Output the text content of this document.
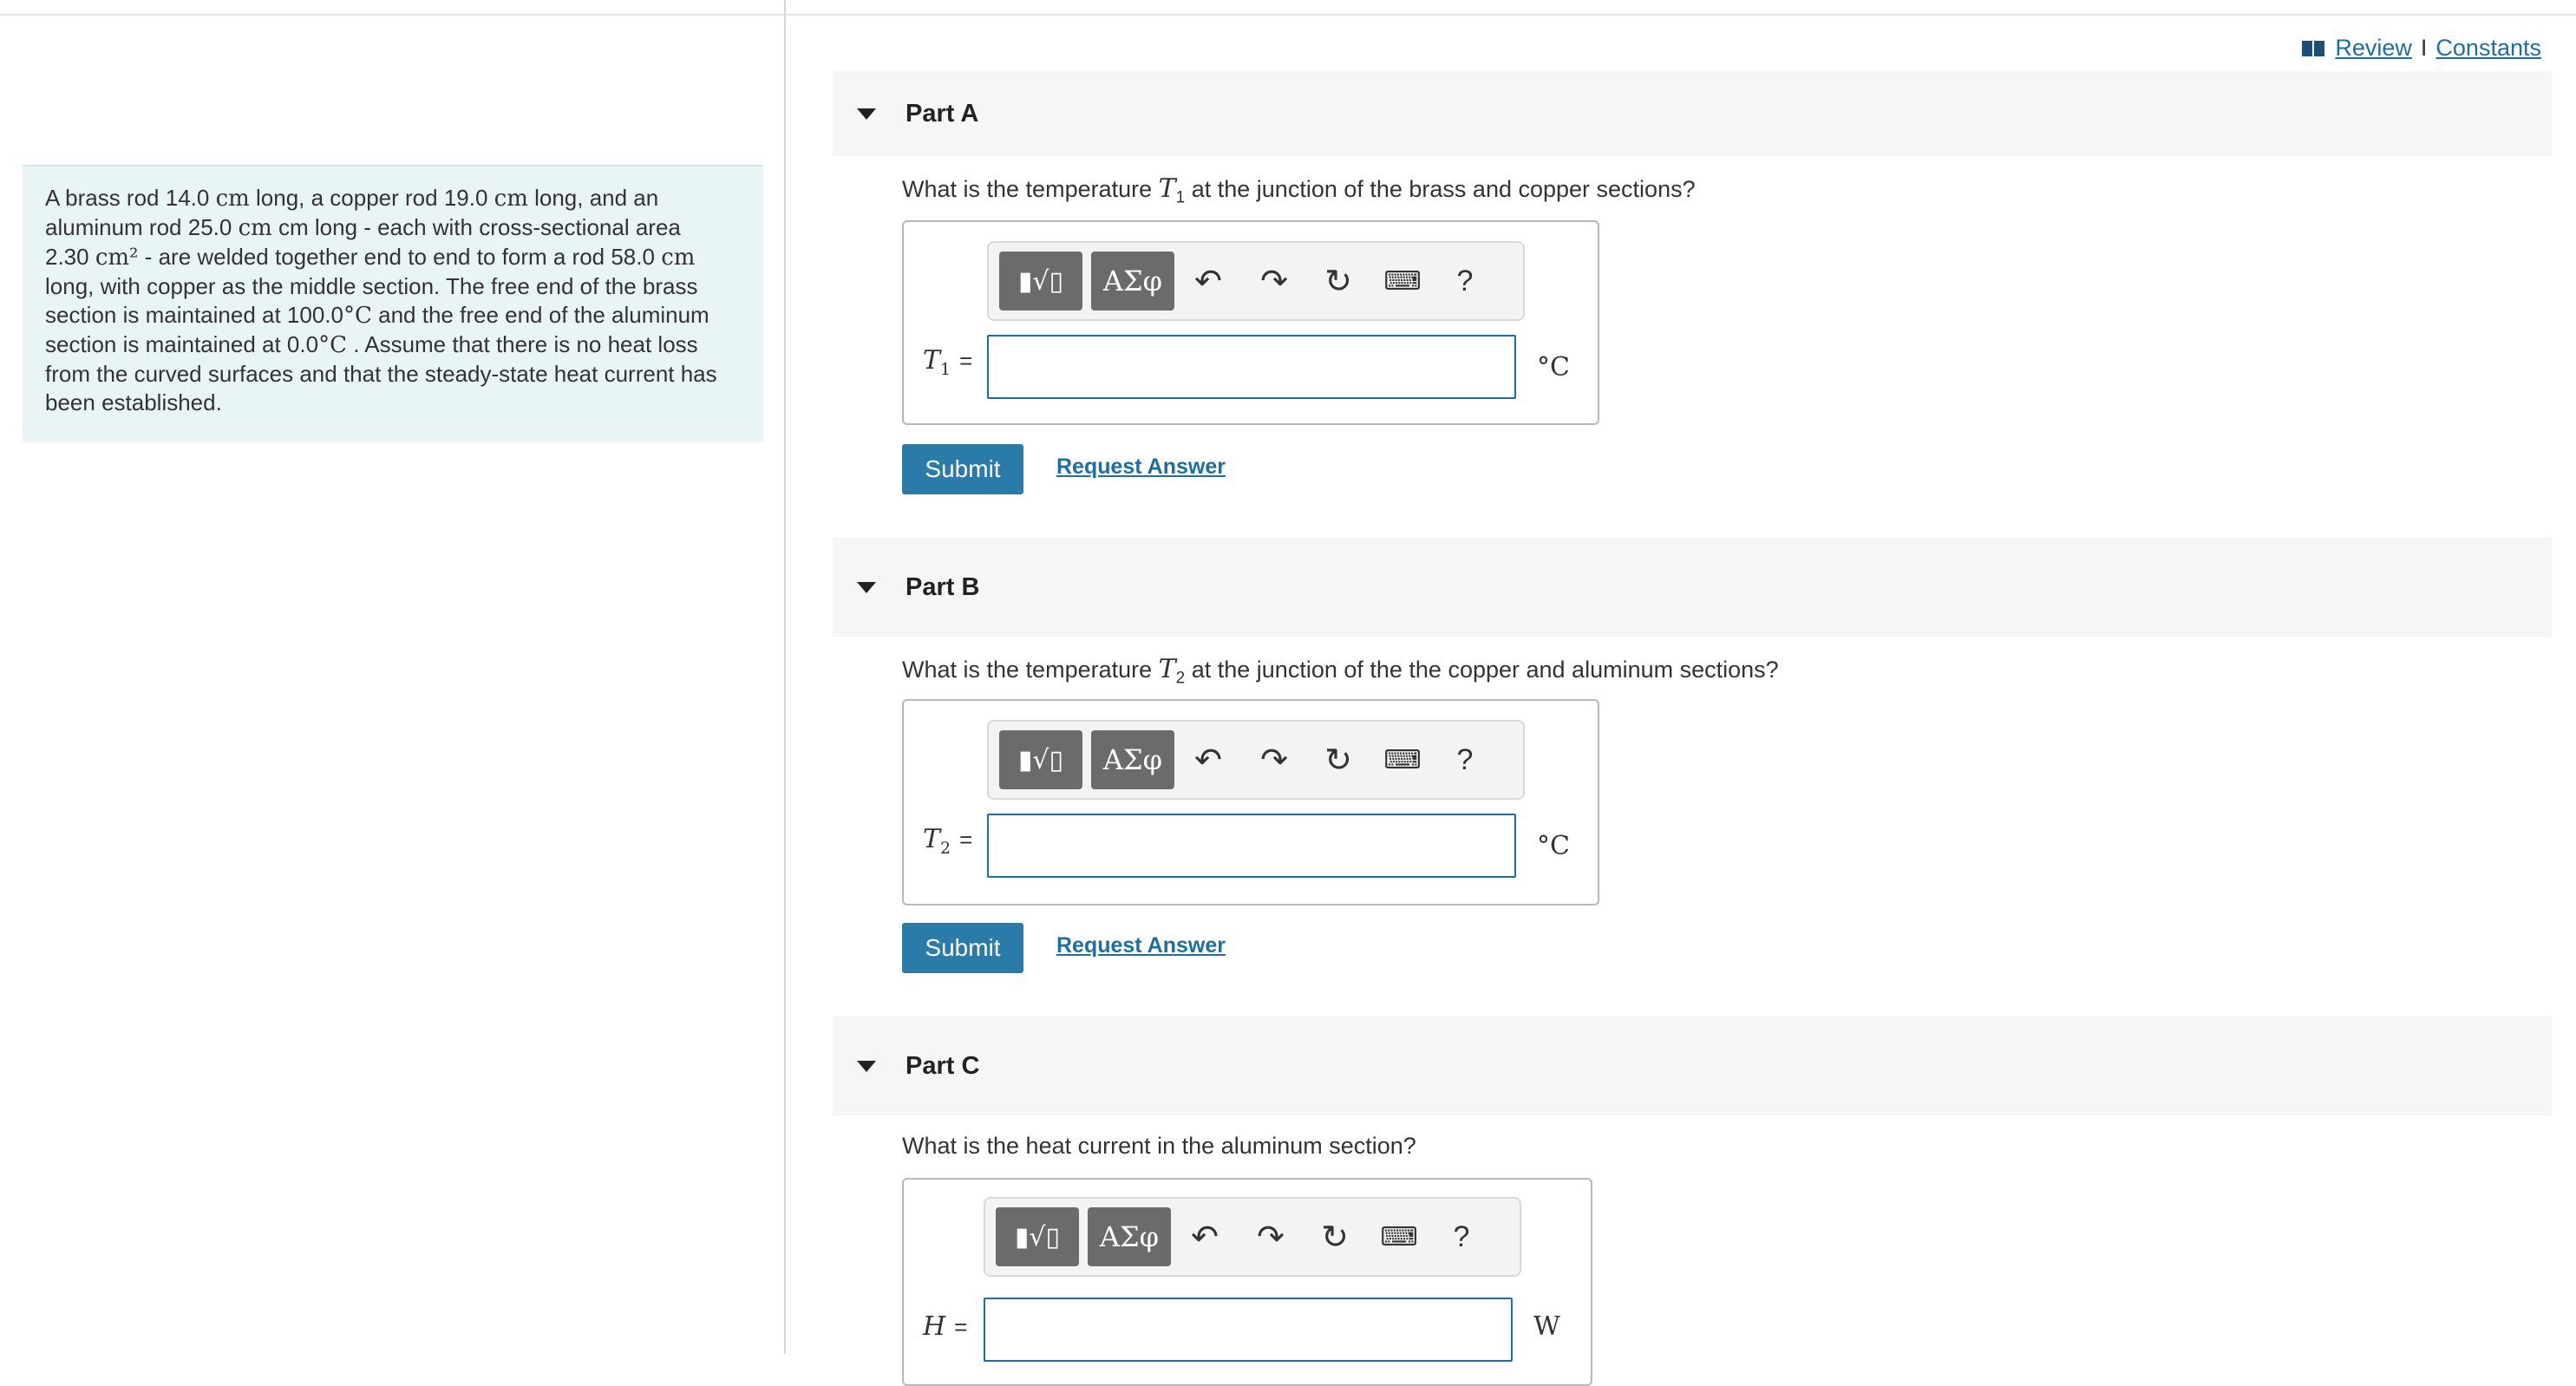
Review I Constants
A brass rod 14.0 cm long, a copper rod 19.0 cm long, and an
aluminum rod 25.0 cm cm long - each with cross-sectional area
2.30 cm² - are welded together end to end to form a rod 58.0 cm
long, with copper as the middle section. The free end of the brass
section is maintained at 100.0°C and the free end of the aluminum
section is maintained at 0.0°C . Assume that there is no heat loss
from the curved surfaces and that the steady-state heat current has
been established.
Part A
What is the temperature $T_1$ at the junction of the brass and copper sections?
▮√▯	ΑΣφ ↶ ↷ ↻	⌨	?
$T_1$ =	°C
Submit	Request Answer
Part B
What is the temperature $T_2$ at the junction of the the copper and aluminum sections?
▮√▯	ΑΣφ ↶ ↷ ↻	⌨	?
$T_2$ =	°C
Submit	Request Answer
Part C
What is the heat current in the aluminum section?
▮√▯	ΑΣφ ↶ ↷ ↻	⌨	?
H =	W
